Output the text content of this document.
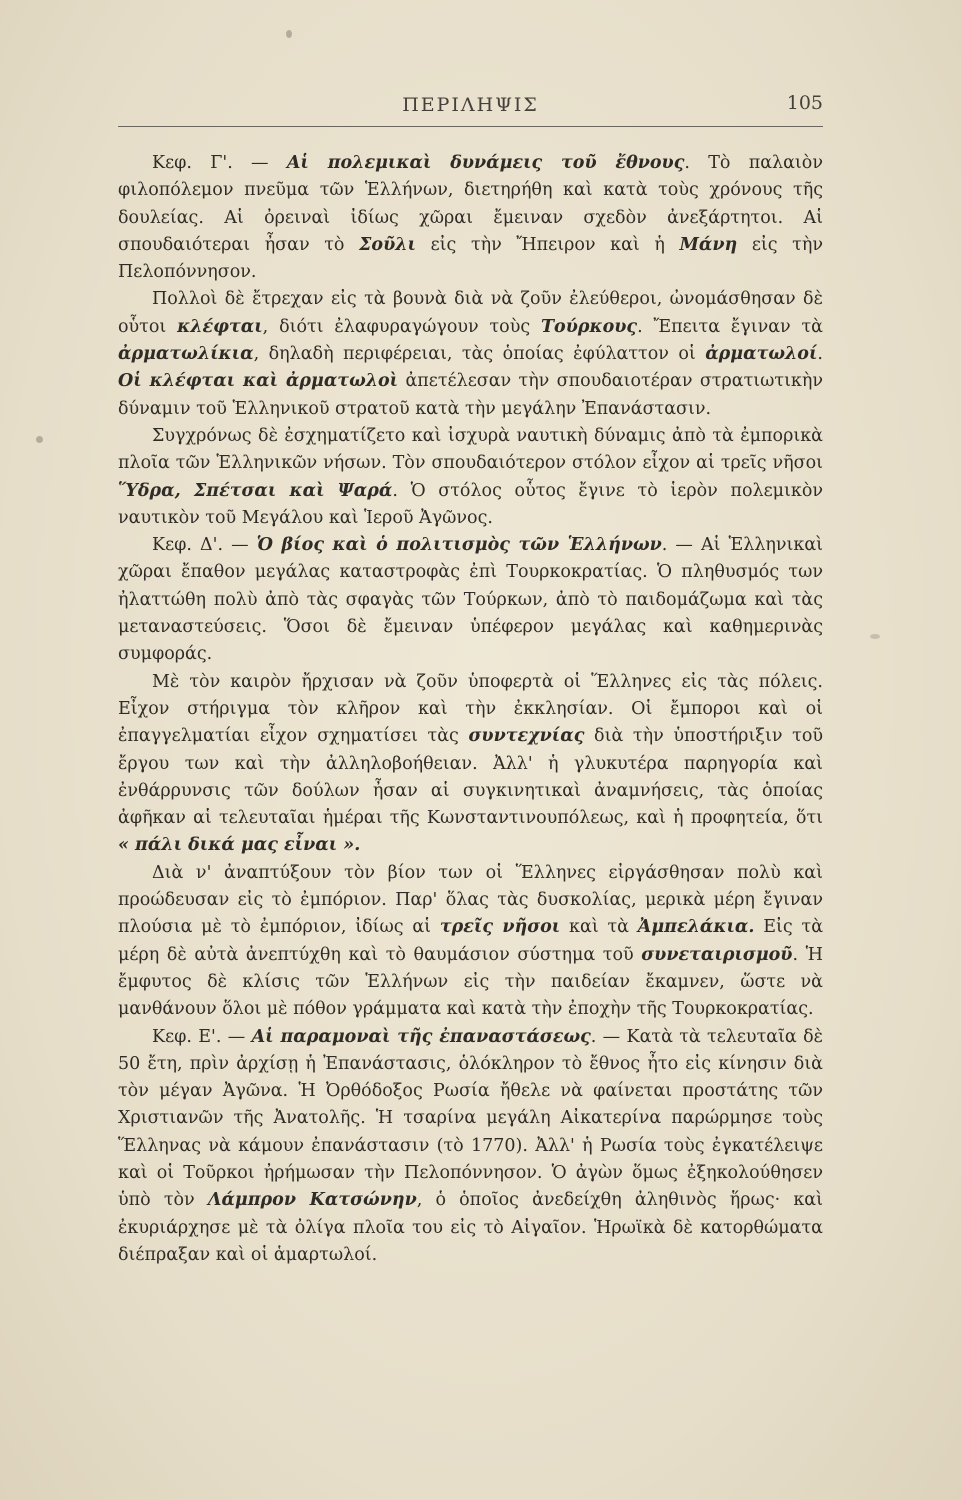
ΠΕΡΙΛΗΨΙΣ	105

Κεφ. Γ'. — Αἱ πολεμικαὶ δυνάμεις τοῦ ἔθνους. Τὸ παλαιὸν φιλοπόλεμον πνεῦμα τῶν Ἑλλήνων, διετηρήθη καὶ κατὰ τοὺς χρόνους τῆς δουλείας. Αἱ ὀρειναὶ ἰδίως χῶραι ἔμειναν σχεδὸν ἀνεξάρτητοι. Αἱ σπουδαιότεραι ἦσαν τὸ Σοῦλι εἰς τὴν Ἤπειρον καὶ ἡ Μάνη εἰς τὴν Πελοπόννησον.

Πολλοὶ δὲ ἔτρεχαν εἰς τὰ βουνὰ διὰ νὰ ζοῦν ἐλεύθεροι, ὠνομάσθησαν δὲ οὗτοι κλέφται, διότι ἐλαφυραγώγουν τοὺς Τούρκους. Ἔπειτα ἔγιναν τὰ ἀρματωλίκια, δηλαδὴ περιφέρειαι, τὰς ὁποίας ἐφύλαττον οἱ ἀρματωλοί. Οἱ κλέφται καὶ ἀρματωλοὶ ἀπετέλεσαν τὴν σπουδαιοτέραν στρατιωτικὴν δύναμιν τοῦ Ἑλληνικοῦ στρατοῦ κατὰ τὴν μεγάλην Ἐπανάστασιν.

Συγχρόνως δὲ ἐσχηματίζετο καὶ ἰσχυρὰ ναυτικὴ δύναμις ἀπὸ τὰ ἐμπορικὰ πλοῖα τῶν Ἑλληνικῶν νήσων. Τὸν σπουδαιότερον στόλον εἶχον αἱ τρεῖς νῆσοι Ὕδρα, Σπέτσαι καὶ Ψαρά. Ὁ στόλος οὗτος ἔγινε τὸ ἱερὸν πολεμικὸν ναυτικὸν τοῦ Μεγάλου καὶ Ἱεροῦ Ἀγῶνος.

Κεφ. Δ'. — Ὁ βίος καὶ ὁ πολιτισμὸς τῶν Ἑλλήνων. — Αἱ Ἑλληνικαὶ χῶραι ἔπαθον μεγάλας καταστροφὰς ἐπὶ Τουρκοκρατίας. Ὁ πληθυσμός των ἠλαττώθη πολὺ ἀπὸ τὰς σφαγὰς τῶν Τούρκων, ἀπὸ τὸ παιδομάζωμα καὶ τὰς μεταναστεύσεις. Ὅσοι δὲ ἔμειναν ὑπέφερον μεγάλας καὶ καθημερινὰς συμφοράς.

Μὲ τὸν καιρὸν ἤρχισαν νὰ ζοῦν ὑποφερτὰ οἱ Ἕλληνες εἰς τὰς πόλεις. Εἶχον στήριγμα τὸν κλῆρον καὶ τὴν ἐκκλησίαν. Οἱ ἔμποροι καὶ οἱ ἐπαγγελματίαι εἶχον σχηματίσει τὰς συντεχνίας διὰ τὴν ὑποστήριξιν τοῦ ἔργου των καὶ τὴν ἀλληλοβοήθειαν. Ἀλλ' ἡ γλυκυτέρα παρηγορία καὶ ἐνθάρρυνσις τῶν δούλων ἦσαν αἱ συγκινητικαὶ ἀναμνήσεις, τὰς ὁποίας ἀφῆκαν αἱ τελευταῖαι ἡμέραι τῆς Κωνσταντινουπόλεως, καὶ ἡ προφητεία, ὅτι « πάλι δικά μας εἶναι ».

Διὰ ν' ἀναπτύξουν τὸν βίον των οἱ Ἕλληνες εἰργάσθησαν πολὺ καὶ προώδευσαν εἰς τὸ ἐμπόριον. Παρ' ὅλας τὰς δυσκολίας, μερικὰ μέρη ἔγιναν πλούσια μὲ τὸ ἐμπόριον, ἰδίως αἱ τρεῖς νῆσοι καὶ τὰ Ἀμπελάκια. Εἰς τὰ μέρη δὲ αὐτὰ ἀνεπτύχθη καὶ τὸ θαυμάσιον σύστημα τοῦ συνεταιρισμοῦ. Ἡ ἔμφυτος δὲ κλίσις τῶν Ἑλλήνων εἰς τὴν παιδείαν ἔκαμνεν, ὥστε νὰ μανθάνουν ὅλοι μὲ πόθον γράμματα καὶ κατὰ τὴν ἐποχὴν τῆς Τουρκοκρατίας.

Κεφ. Ε'. — Αἱ παραμοναὶ τῆς ἐπαναστάσεως. — Κατὰ τὰ τελευταῖα δὲ 50 ἔτη, πρὶν ἀρχίσῃ ἡ Ἐπανάστασις, ὁλόκληρον τὸ ἔθνος ἦτο εἰς κίνησιν διὰ τὸν μέγαν Ἀγῶνα. Ἡ Ὀρθόδοξος Ρωσία ἤθελε νὰ φαίνεται προστάτης τῶν Χριστιανῶν τῆς Ἀνατολῆς. Ἡ τσαρίνα μεγάλη Αἰκατερίνα παρώρμησε τοὺς Ἕλληνας νὰ κάμουν ἐπανάστασιν (τὸ 1770). Ἀλλ' ἡ Ρωσία τοὺς ἐγκατέλειψε καὶ οἱ Τοῦρκοι ἠρήμωσαν τὴν Πελοπόννησον. Ὁ ἀγὼν ὅμως ἐξηκολούθησεν ὑπὸ τὸν Λάμπρον Κατσώνην, ὁ ὁποῖος ἀνεδείχθη ἀληθινὸς ἥρως· καὶ ἐκυριάρχησε μὲ τὰ ὀλίγα πλοῖα του εἰς τὸ Αἰγαῖον. Ἡρωϊκὰ δὲ κατορθώματα διέπραξαν καὶ οἱ ἁμαρτωλοί.
